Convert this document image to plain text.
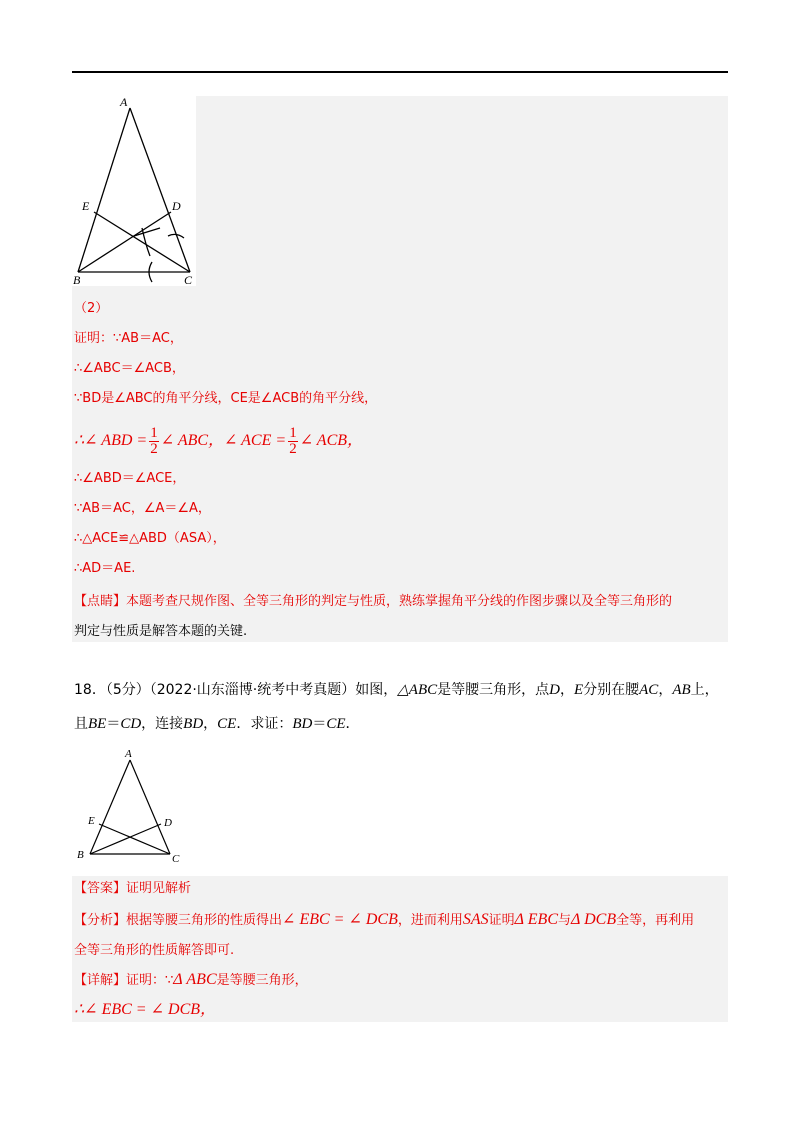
A
B	C
D
E
（2）
证明：∵AB＝AC，
∴∠ABC＝∠ACB，
∵BD是∠ABC的角平分线，CE是∠ACB的角平分线，
∴∠ ABD = $\frac{1}{2}$ ∠ ABC，∠ ACE = $\frac{1}{2}$ ∠ ACB，
∴∠ABD＝∠ACE，
∵AB＝AC，∠A＝∠A，
∴△ACE≌△ABD（ASA），
∴AD＝AE.
【点睛】本题考查尺规作图、全等三角形的判定与性质，熟练掌握角平分线的作图步骤以及全等三角形的
判定与性质是解答本题的关键.
18．（5分）（2022·山东淄博·统考中考真题）如图，△ABC是等腰三角形，点D，E分别在腰AC，AB上，
且BE＝CD，连接BD，CE．求证：BD＝CE．
A
B	C
D
E
【答案】证明见解析
【分析】根据等腰三角形的性质得出∠ EBC = ∠ DCB，进而利用SAS证明Δ EBC与Δ DCB全等，再利用
全等三角形的性质解答即可.
【详解】证明：∵Δ ABC是等腰三角形，
∴∠ EBC = ∠ DCB，
